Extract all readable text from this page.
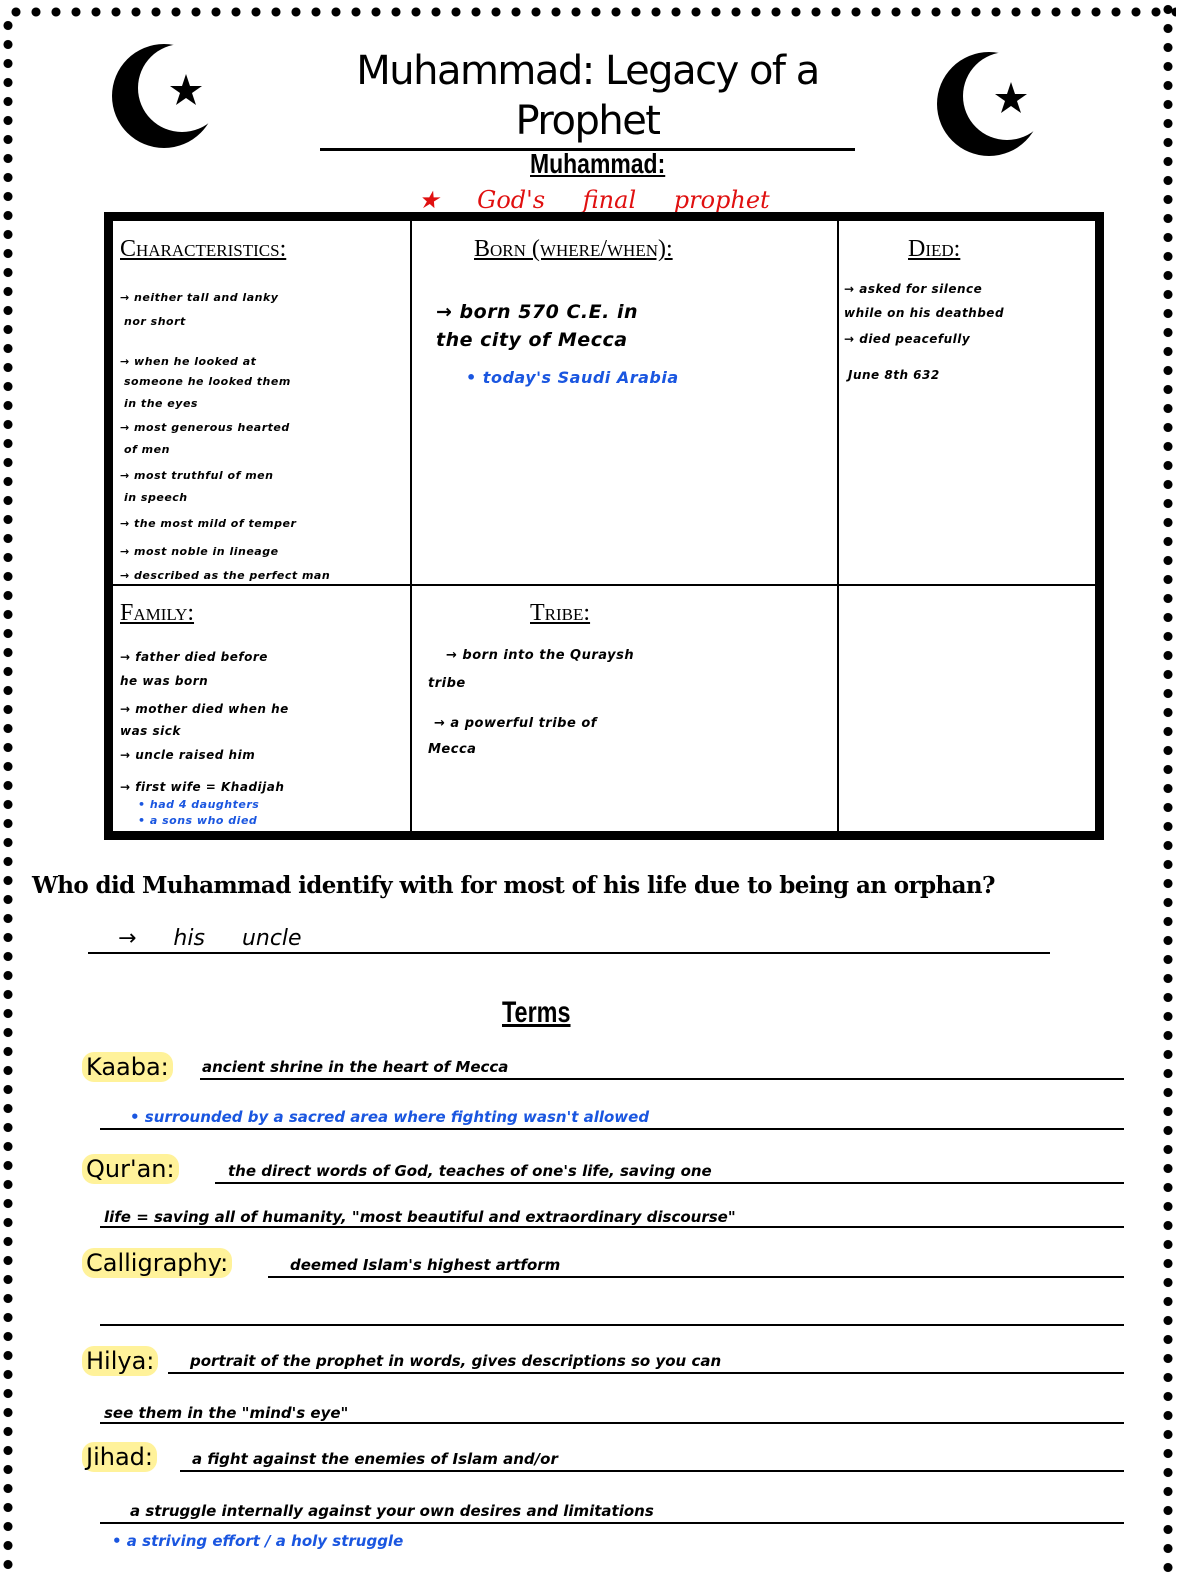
Muhammad: Legacy of a Prophet
Muhammad:
★ God's final prophet
Characteristics:
→ neither tall and lanky
nor short
→ when he looked at
someone he looked them
in the eyes
→ most generous hearted
of men
→ most truthful of men
in speech
→ the most mild of temper
→ most noble in lineage
→ described as the perfect man
Born (where/when):
→ born 570 C.E. in
the city of Mecca
• today's Saudi Arabia
Died:
→ asked for silence
while on his deathbed
→ died peacefully
June 8th 632
Family:
→ father died before
he was born
→ mother died when he
was sick
→ uncle raised him
→ first wife = Khadijah
• had 4 daughters
• a sons who died
Tribe:
→ born into the Quraysh
tribe
→ a powerful tribe of
Mecca
Who did Muhammad identify with for most of his life due to being an orphan?
→ his uncle
Terms
Kaaba: ancient shrine in the heart of Mecca
• surrounded by a sacred area where fighting wasn't allowed
Qur'an:	the direct words of God, teaches of one's life, saving one
life = saving all of humanity, "most beautiful and extraordinary discourse"
Calligraphy:	deemed Islam's highest artform
Hilya: portrait of the prophet in words, gives descriptions so you can
see them in the "mind's eye"
Jihad:	a fight against the enemies of Islam and/or
a struggle internally against your own desires and limitations
• a striving effort / a holy struggle
